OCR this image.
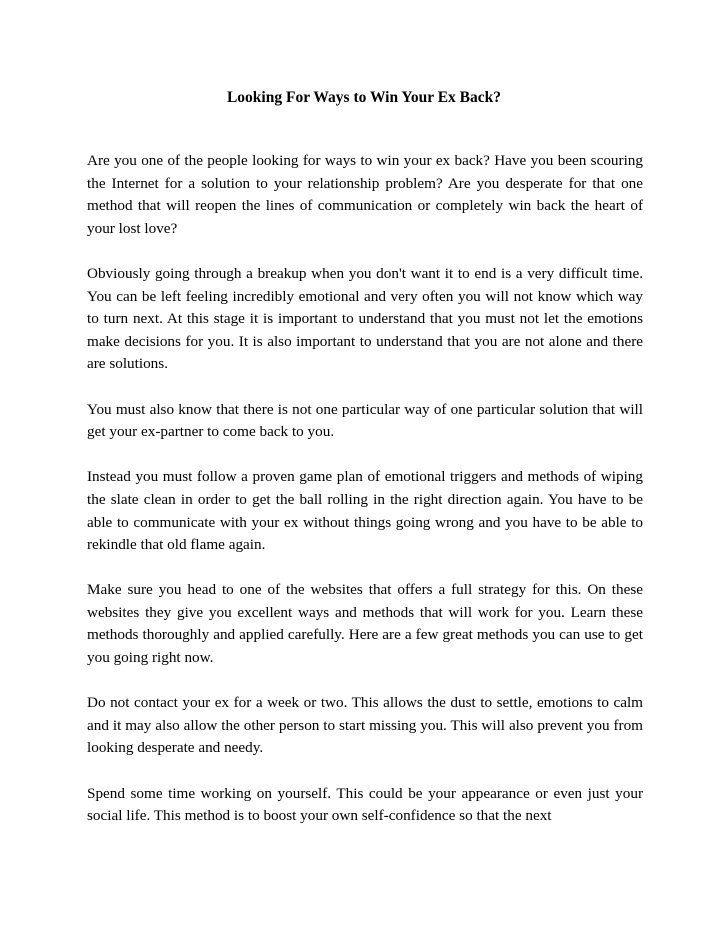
Looking For Ways to Win Your Ex Back?

Are you one of the people looking for ways to win your ex back? Have you been scouring the Internet for a solution to your relationship problem? Are you desperate for that one method that will reopen the lines of communication or completely win back the heart of your lost love?

Obviously going through a breakup when you don't want it to end is a very difficult time. You can be left feeling incredibly emotional and very often you will not know which way to turn next. At this stage it is important to understand that you must not let the emotions make decisions for you. It is also important to understand that you are not alone and there are solutions.

You must also know that there is not one particular way of one particular solution that will get your ex-partner to come back to you.

Instead you must follow a proven game plan of emotional triggers and methods of wiping the slate clean in order to get the ball rolling in the right direction again. You have to be able to communicate with your ex without things going wrong and you have to be able to rekindle that old flame again.

Make sure you head to one of the websites that offers a full strategy for this. On these websites they give you excellent ways and methods that will work for you. Learn these methods thoroughly and applied carefully. Here are a few great methods you can use to get you going right now.

Do not contact your ex for a week or two. This allows the dust to settle, emotions to calm and it may also allow the other person to start missing you. This will also prevent you from looking desperate and needy.

Spend some time working on yourself. This could be your appearance or even just your social life. This method is to boost your own self-confidence so that the next
